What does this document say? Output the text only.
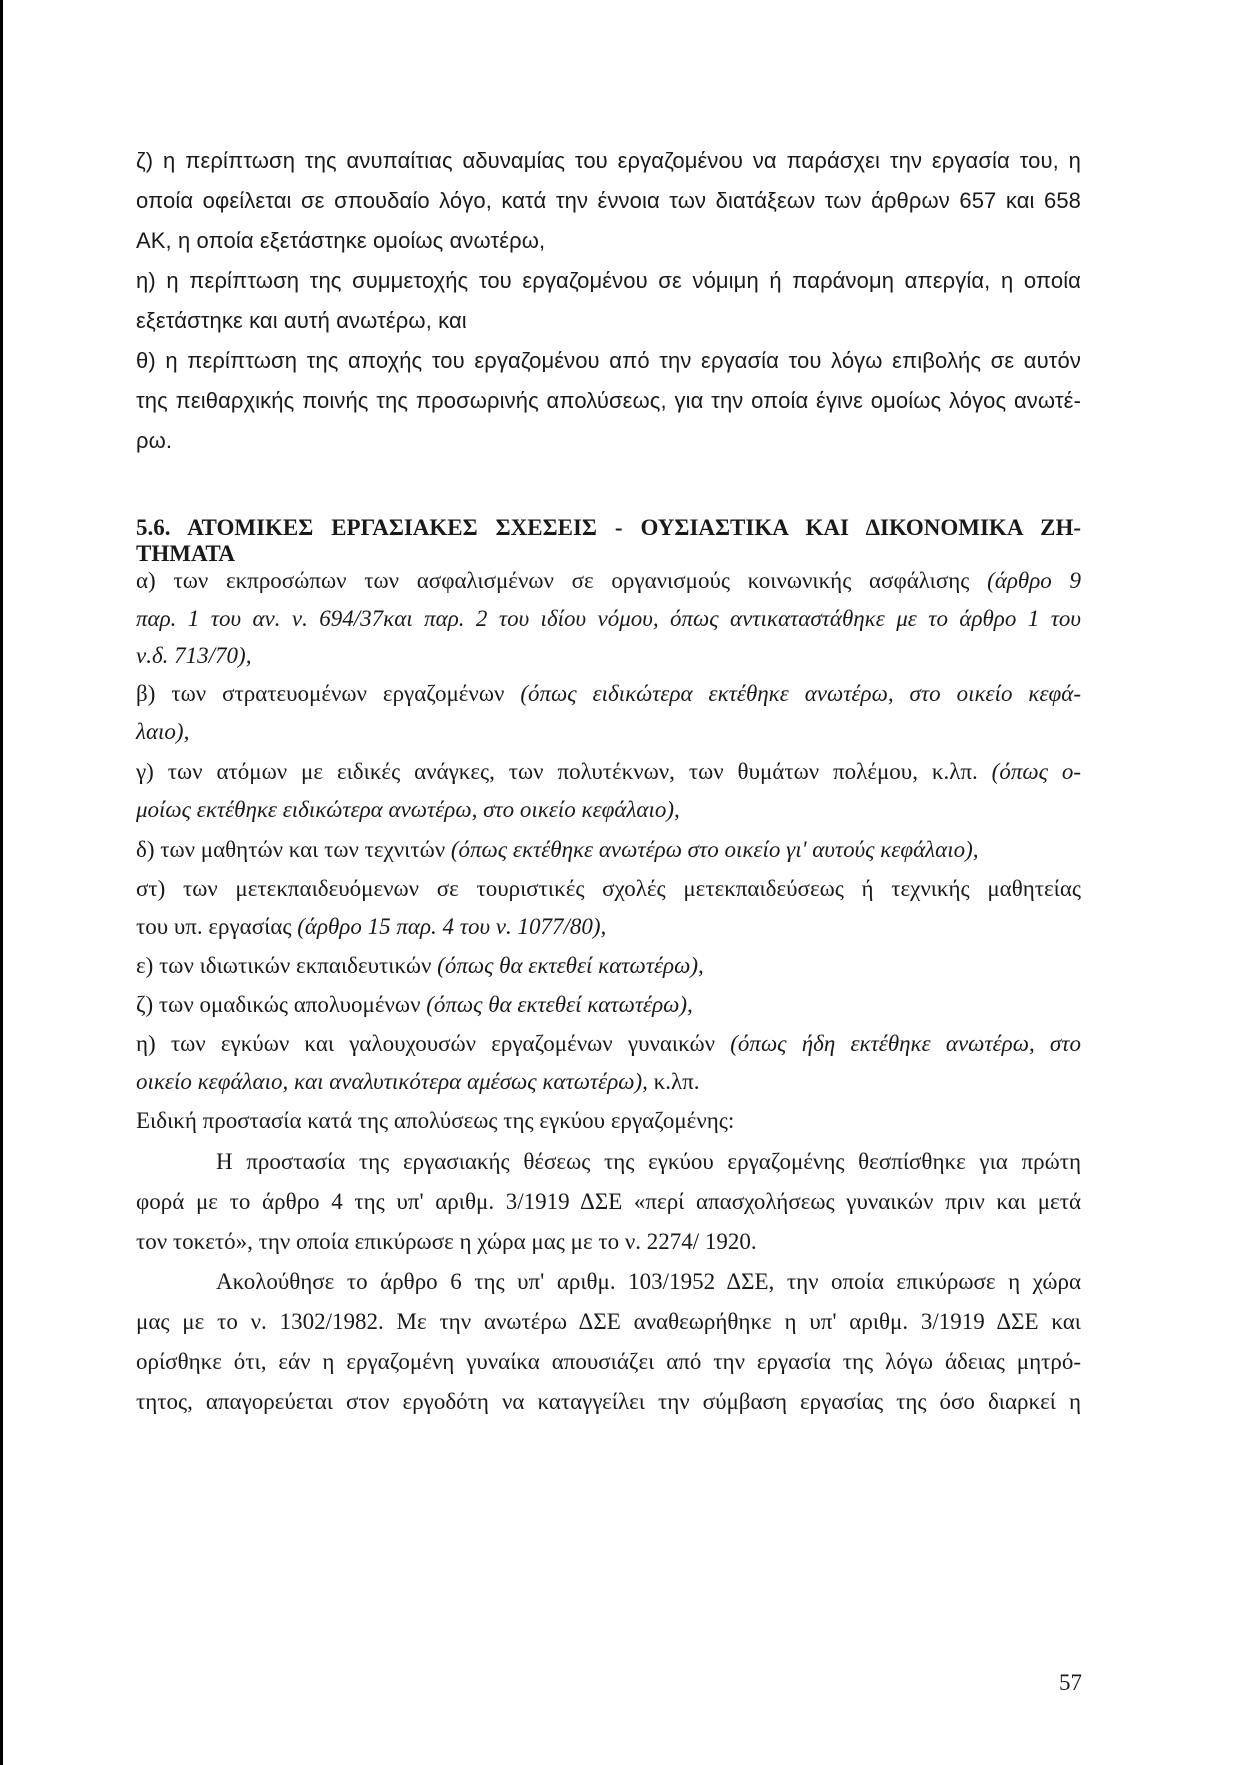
ζ) η περίπτωση της ανυπαίτιας αδυναμίας του εργαζομένου να παράσχει την εργασία του, η
οποία οφείλεται σε σπουδαίο λόγο, κατά την έννοια των διατάξεων των άρθρων 657 και 658
ΑΚ, η οποία εξετάστηκε ομοίως ανωτέρω,
η) η περίπτωση της συμμετοχής του εργαζομένου σε νόμιμη ή παράνομη απεργία, η οποία
εξετάστηκε και αυτή ανωτέρω, και
θ) η περίπτωση της αποχής του εργαζομένου από την εργασία του λόγω επιβολής σε αυτόν
της πειθαρχικής ποινής της προσωρινής απολύσεως, για την οποία έγινε ομοίως λόγος ανωτέ-
ρω.
5.6. ΑΤΟΜΙΚΕΣ ΕΡΓΑΣΙΑΚΕΣ ΣΧΕΣΕΙΣ - ΟΥΣΙΑΣΤΙΚΑ ΚΑΙ ΔΙΚΟΝΟΜΙΚΑ ΖΗ-
ΤΗΜΑΤΑ
α) των εκπροσώπων των ασφαλισμένων σε οργανισμούς κοινωνικής ασφάλισης (άρθρο 9
παρ. 1 του αν. ν. 694/37και παρ. 2 του ιδίου νόμου, όπως αντικαταστάθηκε με το άρθρο 1 του
ν.δ. 713/70),
β) των στρατευομένων εργαζομένων (όπως ειδικώτερα εκτέθηκε ανωτέρω, στο οικείο κεφά-
λαιο),
γ) των ατόμων με ειδικές ανάγκες, των πολυτέκνων, των θυμάτων πολέμου, κ.λπ. (όπως ο-
μοίως εκτέθηκε ειδικώτερα ανωτέρω, στο οικείο κεφάλαιο),
δ) των μαθητών και των τεχνιτών (όπως εκτέθηκε ανωτέρω στο οικείο γι' αυτούς κεφάλαιο),
στ) των μετεκπαιδευόμενων σε τουριστικές σχολές μετεκπαιδεύσεως ή τεχνικής μαθητείας
του υπ. εργασίας (άρθρο 15 παρ. 4 του ν. 1077/80),
ε) των ιδιωτικών εκπαιδευτικών (όπως θα εκτεθεί κατωτέρω),
ζ) των ομαδικώς απολυομένων (όπως θα εκτεθεί κατωτέρω),
η) των εγκύων και γαλουχουσών εργαζομένων γυναικών (όπως ήδη εκτέθηκε ανωτέρω, στο
οικείο κεφάλαιο, και αναλυτικότερα αμέσως κατωτέρω), κ.λπ.
Ειδική προστασία κατά της απολύσεως της εγκύου εργαζομένης:
Η προστασία της εργασιακής θέσεως της εγκύου εργαζομένης θεσπίσθηκε για πρώτη
φορά με το άρθρο 4 της υπ' αριθμ. 3/1919 ΔΣΕ «περί απασχολήσεως γυναικών πριν και μετά
τον τοκετό», την οποία επικύρωσε η χώρα μας με το ν. 2274/ 1920.
Ακολούθησε το άρθρο 6 της υπ' αριθμ. 103/1952 ΔΣΕ, την οποία επικύρωσε η χώρα
μας με το ν. 1302/1982. Με την ανωτέρω ΔΣΕ αναθεωρήθηκε η υπ' αριθμ. 3/1919 ΔΣΕ και
ορίσθηκε ότι, εάν η εργαζομένη γυναίκα απουσιάζει από την εργασία της λόγω άδειας μητρό-
τητος, απαγορεύεται στον εργοδότη να καταγγείλει την σύμβαση εργασίας της όσο διαρκεί η
57
